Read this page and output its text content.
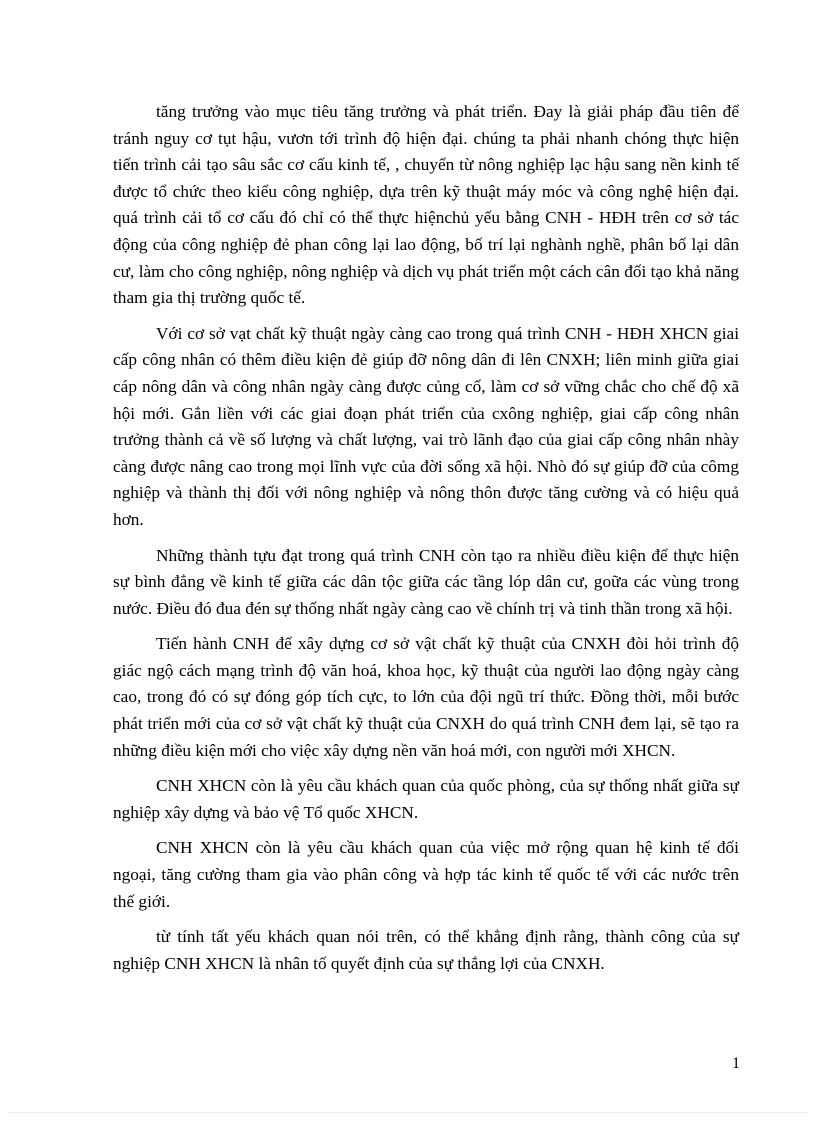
tăng trưởng vào mục tiêu tăng trưởng và phát triển. Đay là giải pháp đầu tiên để tránh nguy cơ tụt hậu, vươn tới trình độ hiện đại. chúng ta phải nhanh chóng thực hiện tiến trình cải tạo sâu sắc cơ cấu kinh tế, , chuyển từ nông nghiệp lạc hậu sang nền kinh tế được tổ chức theo kiểu công nghiệp, dựa trên kỹ thuật máy móc và công nghệ hiện đại. quá trình cải tổ cơ cấu đó chỉ có thể thực hiệnchủ yếu bằng CNH - HĐH trên cơ sở tác động của công nghiệp đẻ phan công lại lao động, bố trí lại nghành nghề, phân bố lại dân cư, làm cho công nghiệp, nông nghiệp và dịch vụ phát triển một cách cân đối tạo khả năng tham gia thị trường quốc tế.

Với cơ sở vạt chất kỹ thuật ngày càng cao trong quá trình CNH - HĐH XHCN giai cấp công nhân có thêm điều kiện đẻ giúp đỡ nông dân đi lên CNXH; liên minh giữa giai cáp nông dân và công nhân ngày càng được củng cố, làm cơ sở vững chắc cho chế độ xã hội mới. Gắn liền với các giai đoạn phát triển của cxông nghiệp, giai cấp công nhân trưởng thành cả về số lượng và chất lượng, vai trò lãnh đạo của giai cấp công nhân nhày càng được nâng cao trong mọi lĩnh vực của đời sống xã hội. Nhò đó sự giúp đỡ của cômg nghiệp và thành thị đối với nông nghiệp và nông thôn được tăng cường và có hiệu quả hơn.

Những thành tựu đạt trong quá trình CNH còn tạo ra nhiều điều kiện để thực hiện sự bình đẳng về kinh tế giữa các dân tộc giữa các tầng lóp dân cư, goữa các vùng trong nước. Điều đó đua đén sự thống nhất ngày càng cao về chính trị và tinh thần trong xã hội.

Tiến hành CNH để xây dựng cơ sở vật chất kỹ thuật của CNXH đòi hỏi trình độ giác ngộ cách mạng trình độ văn hoá, khoa học, kỹ thuật của người lao động ngày càng cao, trong đó có sự đóng góp tích cực, to lớn của đội ngũ trí thức. Đồng thời, mỗi bước phát triển mới của cơ sở vật chất kỹ thuật của CNXH do quá trình CNH đem lại, sẽ tạo ra những điều kiện mới cho việc xây dựng nền văn hoá mới, con người mới XHCN.

CNH XHCN còn là yêu cầu khách quan của quốc phòng, của sự thống nhất giữa sự nghiệp xây dựng và bảo vệ Tổ quốc XHCN.

CNH XHCN còn là yêu cầu khách quan của việc mở rộng quan hệ kinh tế đối ngoại, tăng cường tham gia vào phân công và hợp tác kinh tế quốc tế với các nước trên thế giới.

từ tính tất yếu khách quan nói trên, có thể khẳng định rằng, thành công của sự nghiệp CNH XHCN là nhân tố quyết định của sự thắng lợi của CNXH.

1
